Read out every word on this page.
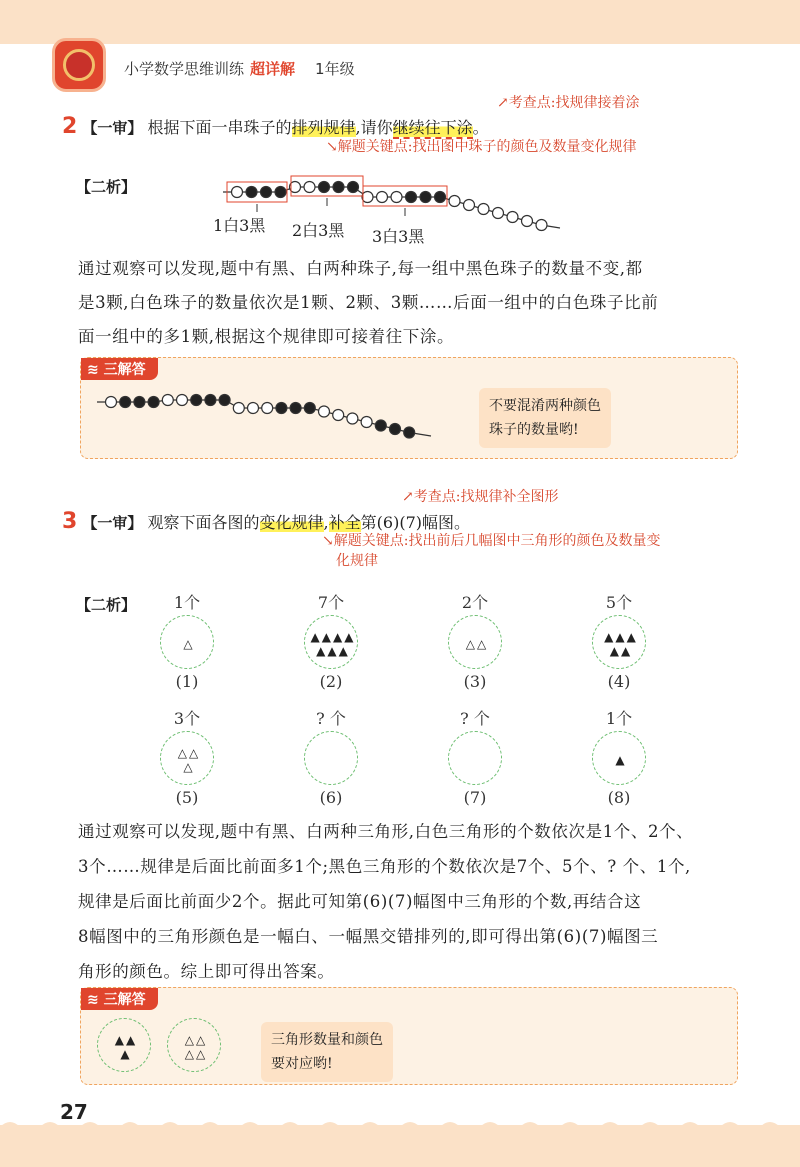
小学数学思维训练 超详解 1年级
↗考查点:找规律接着涂
2 【一审】 根据下面一串珠子的排列规律,请你继续往下涂。
↘解题关键点:找出图中珠子的颜色及数量变化规律
【二析】
1白3黑 2白3黑 3白3黑
通过观察可以发现,题中有黑、白两种珠子,每一组中黑色珠子的数量不变,都
是3颗,白色珠子的数量依次是1颗、2颗、3颗……后面一组中的白色珠子比前
面一组中的多1颗,根据这个规律即可接着往下涂。
≋ 三解答
不要混淆两种颜色
珠子的数量哟!
↗考查点:找规律补全图形
3 【一审】 观察下面各图的变化规律,补全第(6)(7)幅图。
↘解题关键点:找出前后几幅图中三角形的颜色及数量变
化规律
【二析】	1个
△
(1)
7个
▲ ▲ ▲ ▲
▲ ▲ ▲
(2)
2个
△ △
(3)
5个
▲ ▲ ▲
▲ ▲
(4)
3个
△ △
△
(5)
? 个
(6)
? 个
(7)
1个
▲
(8)
通过观察可以发现,题中有黑、白两种三角形,白色三角形的个数依次是1个、2个、
3个……规律是后面比前面多1个;黑色三角形的个数依次是7个、5个、? 个、1个,
规律是后面比前面少2个。据此可知第(6)(7)幅图中三角形的个数,再结合这
8幅图中的三角形颜色是一幅白、一幅黑交错排列的,即可得出第(6)(7)幅图三
角形的颜色。综上即可得出答案。
≋ 三解答
▲ ▲
▲
△ △
△ △
三角形数量和颜色
要对应哟!
27
